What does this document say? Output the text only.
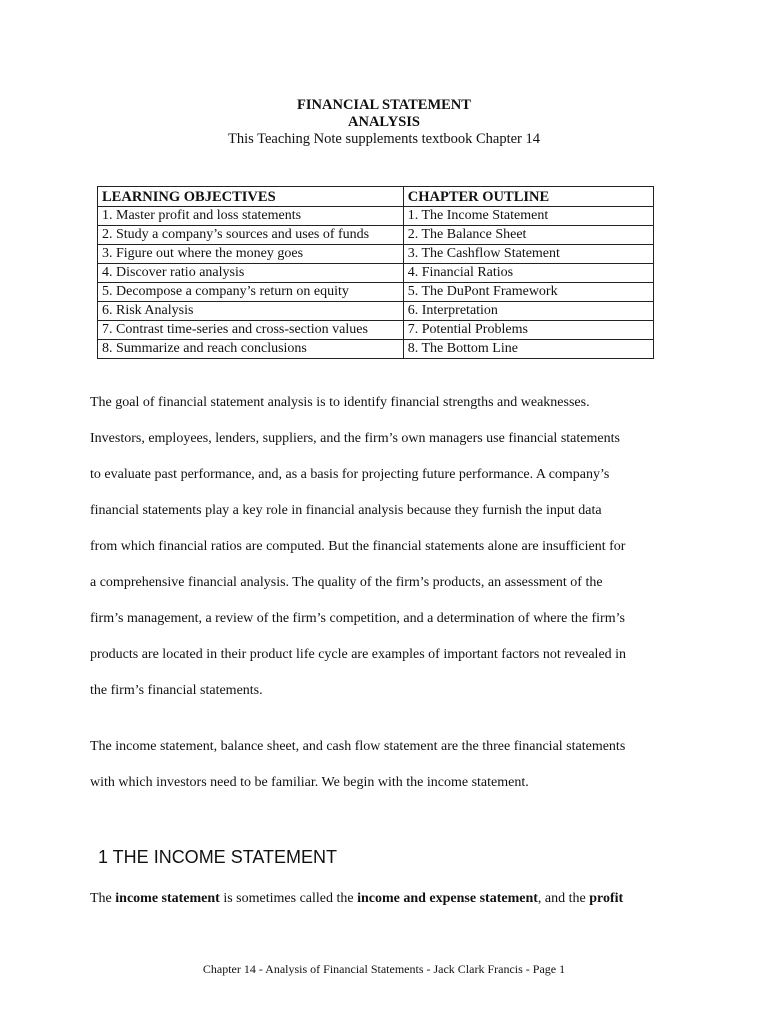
FINANCIAL STATEMENT
ANALYSIS
This Teaching Note supplements textbook Chapter 14
LEARNING OBJECTIVES	CHAPTER OUTLINE
1. Master profit and loss statements	1. The Income Statement
2. Study a company’s sources and uses of funds	2. The Balance Sheet
3. Figure out where the money goes	3. The Cashflow Statement
4. Discover ratio analysis	4. Financial Ratios
5. Decompose a company’s return on equity	5. The DuPont Framework
6. Risk Analysis	6. Interpretation
7. Contrast time-series and cross-section values	7. Potential Problems
8. Summarize and reach conclusions	8. The Bottom Line

The goal of financial statement analysis is to identify financial strengths and weaknesses.

Investors, employees, lenders, suppliers, and the firm’s own managers use financial statements

to evaluate past performance, and, as a basis for projecting future performance. A company’s

financial statements play a key role in financial analysis because they furnish the input data

from which financial ratios are computed. But the financial statements alone are insufficient for

a comprehensive financial analysis. The quality of the firm’s products, an assessment of the

firm’s management, a review of the firm’s competition, and a determination of where the firm’s

products are located in their product life cycle are examples of important factors not revealed in

the firm’s financial statements.

The income statement, balance sheet, and cash flow statement are the three financial statements

with which investors need to be familiar. We begin with the income statement.

1 THE INCOME STATEMENT
The income statement is sometimes called the income and expense statement, and the profit
Chapter 14 - Analysis of Financial Statements - Jack Clark Francis - Page 1
